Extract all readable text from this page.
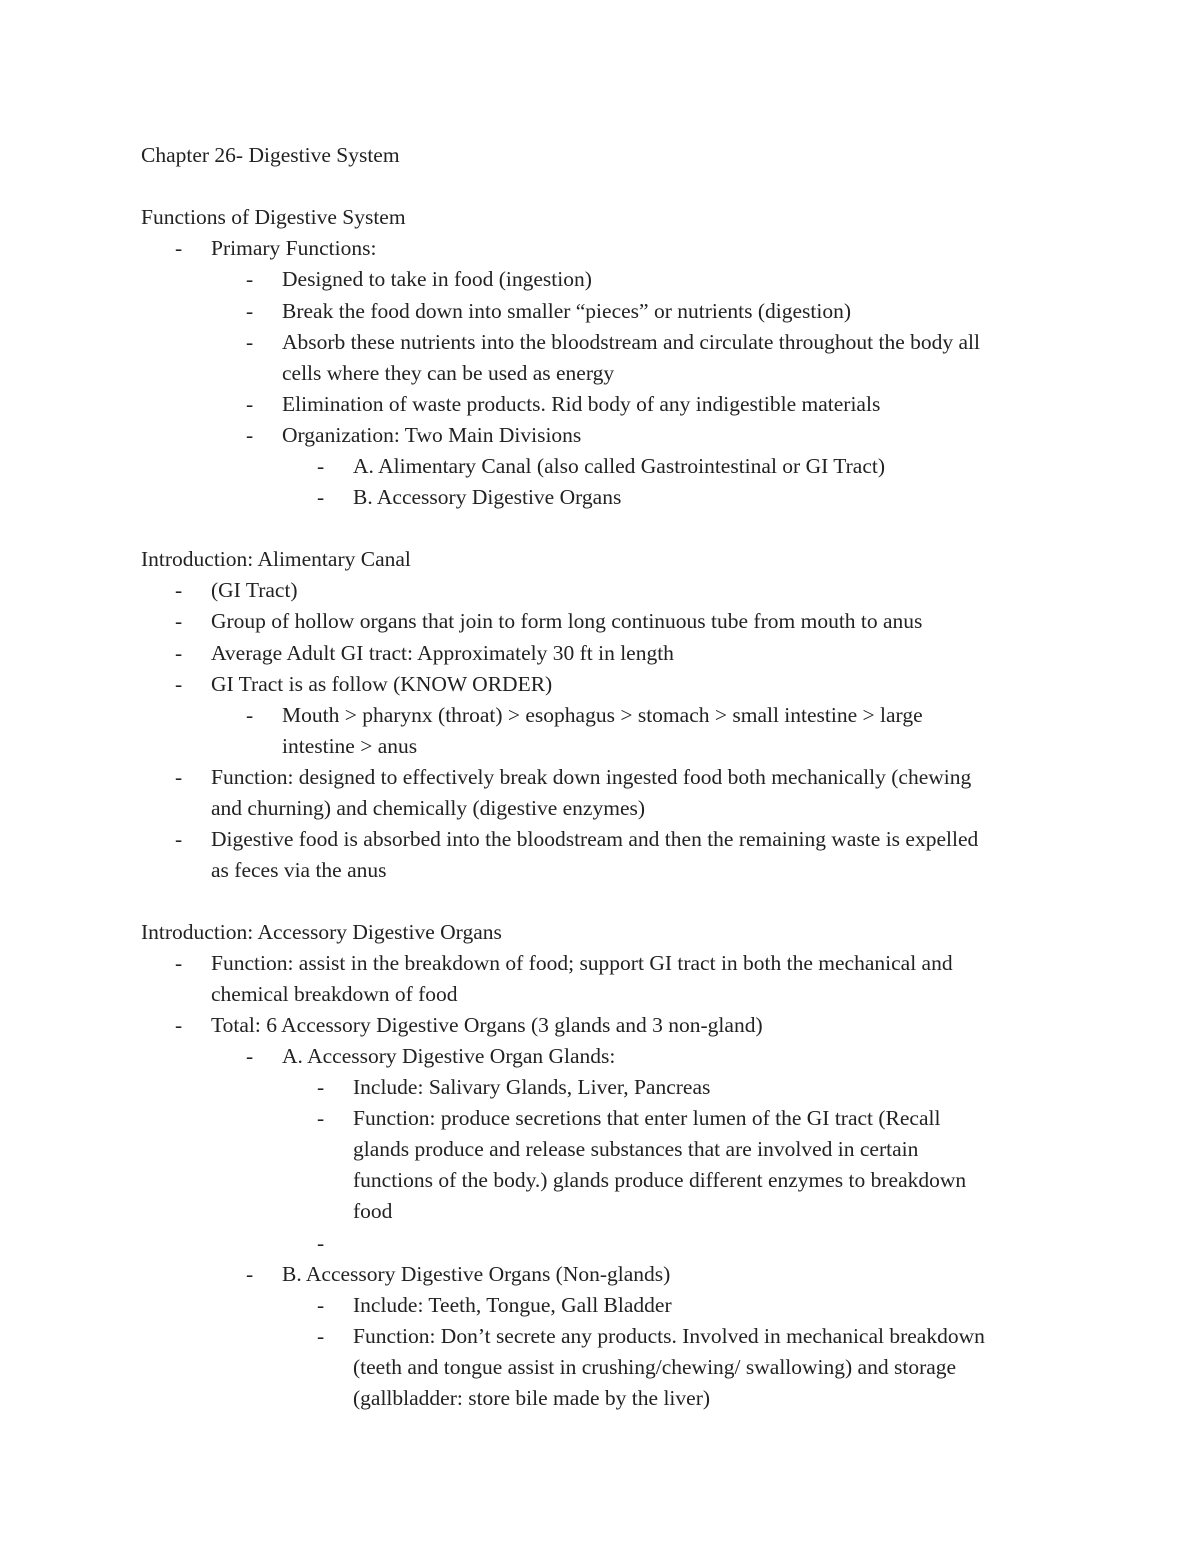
Chapter 26- Digestive System
Functions of Digestive System
- Primary Functions:
- Designed to take in food (ingestion)
- Break the food down into smaller “pieces” or nutrients (digestion)
- Absorb these nutrients into the bloodstream and circulate throughout the body all
cells where they can be used as energy
- Elimination of waste products. Rid body of any indigestible materials
- Organization: Two Main Divisions
- A. Alimentary Canal (also called Gastrointestinal or GI Tract)
- B. Accessory Digestive Organs
Introduction: Alimentary Canal
- (GI Tract)
- Group of hollow organs that join to form long continuous tube from mouth to anus
- Average Adult GI tract: Approximately 30 ft in length
- GI Tract is as follow (KNOW ORDER)
- Mouth > pharynx (throat) > esophagus > stomach > small intestine > large
intestine > anus
- Function: designed to effectively break down ingested food both mechanically (chewing
and churning) and chemically (digestive enzymes)
- Digestive food is absorbed into the bloodstream and then the remaining waste is expelled
as feces via the anus
Introduction: Accessory Digestive Organs
- Function: assist in the breakdown of food; support GI tract in both the mechanical and
chemical breakdown of food
- Total: 6 Accessory Digestive Organs (3 glands and 3 non-gland)
- A. Accessory Digestive Organ Glands:
- Include: Salivary Glands, Liver, Pancreas
- Function: produce secretions that enter lumen of the GI tract (Recall
glands produce and release substances that are involved in certain
functions of the body.) glands produce different enzymes to breakdown
food
-
- B. Accessory Digestive Organs (Non-glands)
- Include: Teeth, Tongue, Gall Bladder
- Function: Don’t secrete any products. Involved in mechanical breakdown
(teeth and tongue assist in crushing/chewing/ swallowing) and storage
(gallbladder: store bile made by the liver)
